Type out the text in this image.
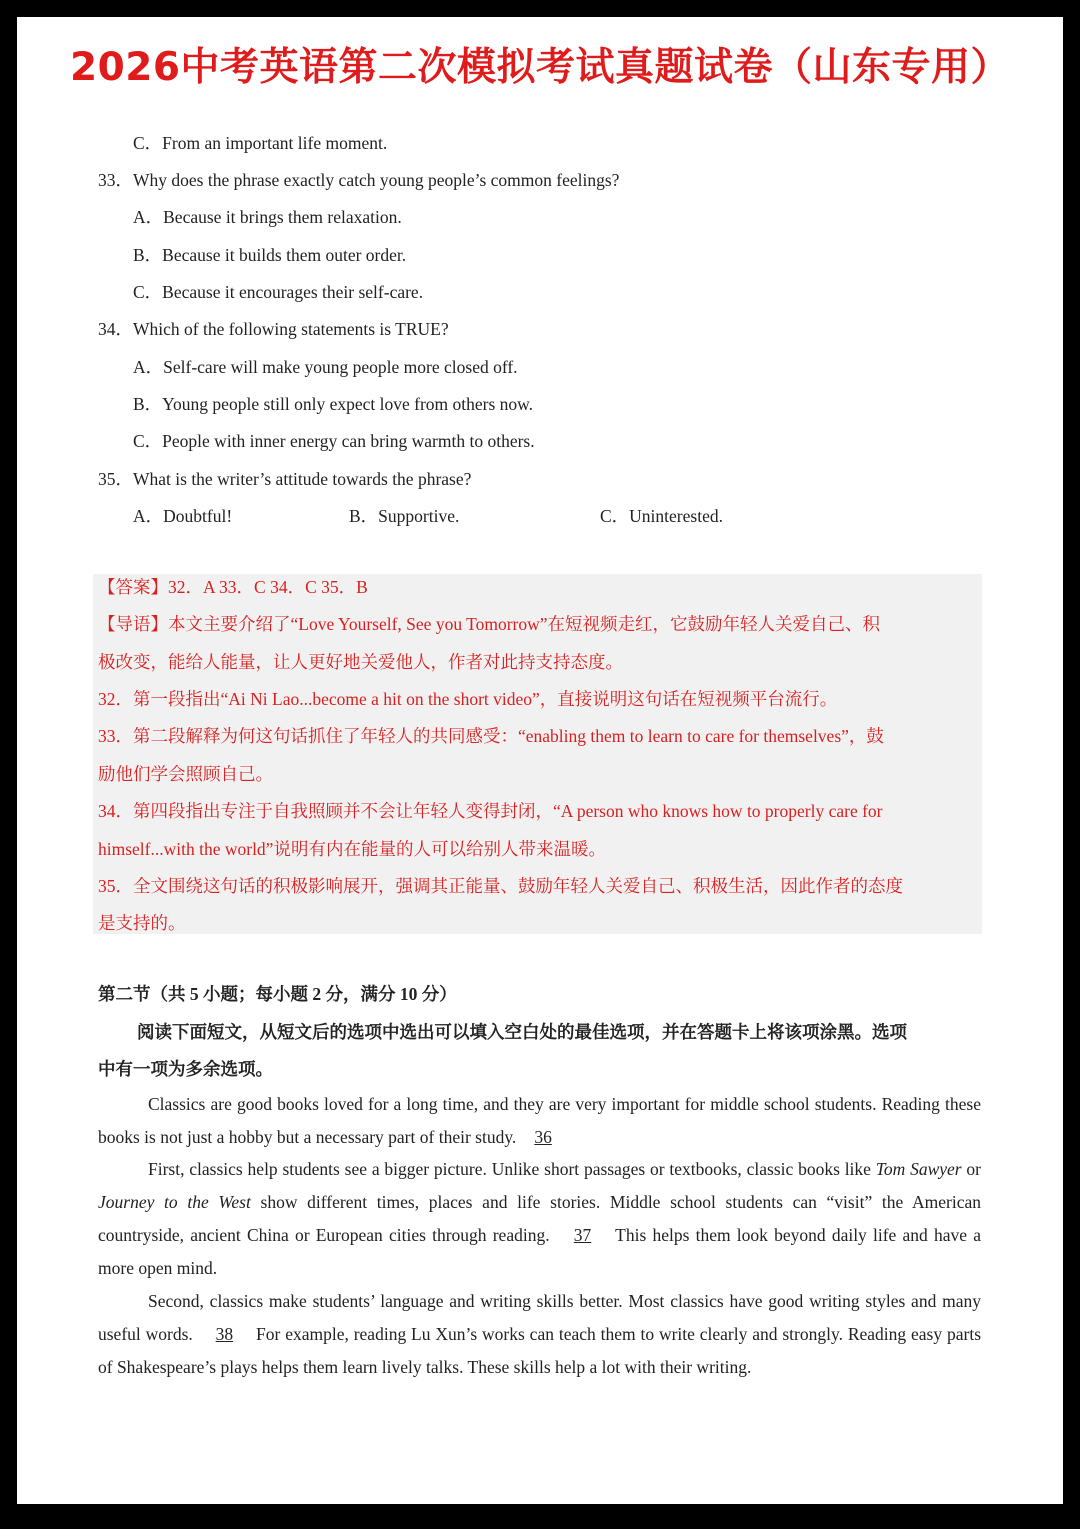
2026中考英语第二次模拟考试真题试卷（山东专用）
C．From an important life moment.
33．Why does the phrase exactly catch young people’s common feelings?
A．Because it brings them relaxation.
B．Because it builds them outer order.
C．Because it encourages their self-care.
34．Which of the following statements is TRUE?
A．Self-care will make young people more closed off.
B．Young people still only expect love from others now.
C．People with inner energy can bring warmth to others.
35．What is the writer’s attitude towards the phrase?
A．Doubtful!	B．Supportive.	C．Uninterested.
【答案】32．A 33．C 34．C 35．B
【导语】本文主要介绍了“Love Yourself, See you Tomorrow”在短视频走红，它鼓励年轻人关爱自己、积
极改变，能给人能量，让人更好地关爱他人，作者对此持支持态度。
32．第一段指出“Ai Ni Lao...become a hit on the short video”，直接说明这句话在短视频平台流行。
33．第二段解释为何这句话抓住了年轻人的共同感受：“enabling them to learn to care for themselves”，鼓
励他们学会照顾自己。
34．第四段指出专注于自我照顾并不会让年轻人变得封闭，“A person who knows how to properly care for
himself...with the world”说明有内在能量的人可以给别人带来温暖。
35．全文围绕这句话的积极影响展开，强调其正能量、鼓励年轻人关爱自己、积极生活，因此作者的态度
是支持的。
第二节（共 5 小题；每小题 2 分，满分 10 分）
阅读下面短文，从短文后的选项中选出可以填入空白处的最佳选项，并在答题卡上将该项涂黑。选项
中有一项为多余选项。
Classics are good books loved for a long time, and they are very important for middle school students. Reading these books is not just a hobby but a necessary part of their study. 36
First, classics help students see a bigger picture. Unlike short passages or textbooks, classic books like Tom Sawyer or Journey to the West show different times, places and life stories. Middle school students can “visit” the American countryside, ancient China or European cities through reading. 37 This helps them look beyond daily life and have a more open mind.
Second, classics make students’ language and writing skills better. Most classics have good writing styles and many useful words. 38 For example, reading Lu Xun’s works can teach them to write clearly and strongly. Reading easy parts of Shakespeare’s plays helps them learn lively talks. These skills help a lot with their writing.
